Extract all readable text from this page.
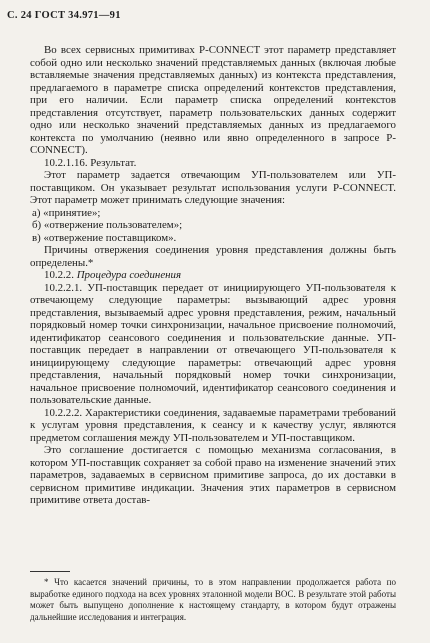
С. 24 ГОСТ 34.971—91

Во всех сервисных примитивах P-CONNECT этот параметр представляет собой одно или несколько значений представляемых данных (включая любые вставляемые значения представляемых данных) из контекста представления, предлагаемого в параметре списка определений контекстов представления, при его наличии. Если параметр списка определений контекстов представления отсутствует, параметр пользовательских данных содержит одно или несколько значений представляемых данных из предлагаемого контекста по умолчанию (неявно или явно определенного в запросе P-CONNECT).

10.2.1.16. Результат.

Этот параметр задается отвечающим УП-пользователем или УП-поставщиком. Он указывает результат использования услуги P-CONNECT. Этот параметр может принимать следующие значения:

а) «принятие»;

б) «отвержение пользователем»;

в) «отвержение поставщиком».

Причины отвержения соединения уровня представления должны быть определены.*

10.2.2. Процедура соединения

10.2.2.1. УП-поставщик передает от инициирующего УП-пользователя к отвечающему следующие параметры: вызывающий адрес уровня представления, вызываемый адрес уровня представления, режим, начальный порядковый номер точки синхронизации, начальное присвоение полномочий, идентификатор сеансового соединения и пользовательские данные. УП-поставщик передает в направлении от отвечающего УП-пользователя к инициирующему следующие параметры: отвечающий адрес уровня представления, начальный порядковый номер точки синхронизации, начальное присвоение полномочий, идентификатор сеансового соединения и пользовательские данные.

10.2.2.2. Характеристики соединения, задаваемые параметрами требований к услугам уровня представления, к сеансу и к качеству услуг, являются предметом соглашения между УП-пользователем и УП-поставщиком.

Это соглашение достигается с помощью механизма согласования, в котором УП-поставщик сохраняет за собой право на изменение значений этих параметров, задаваемых в сервисном примитиве запроса, до их доставки в сервисном примитиве индикации. Значения этих параметров в сервисном примитиве ответа достав-

* Что касается значений причины, то в этом направлении продолжается работа по выработке единого подхода на всех уровнях эталонной модели ВОС. В результате этой работы может быть выпущено дополнение к настоящему стандарту, в котором будут отражены дальнейшие исследования и интеграция.
